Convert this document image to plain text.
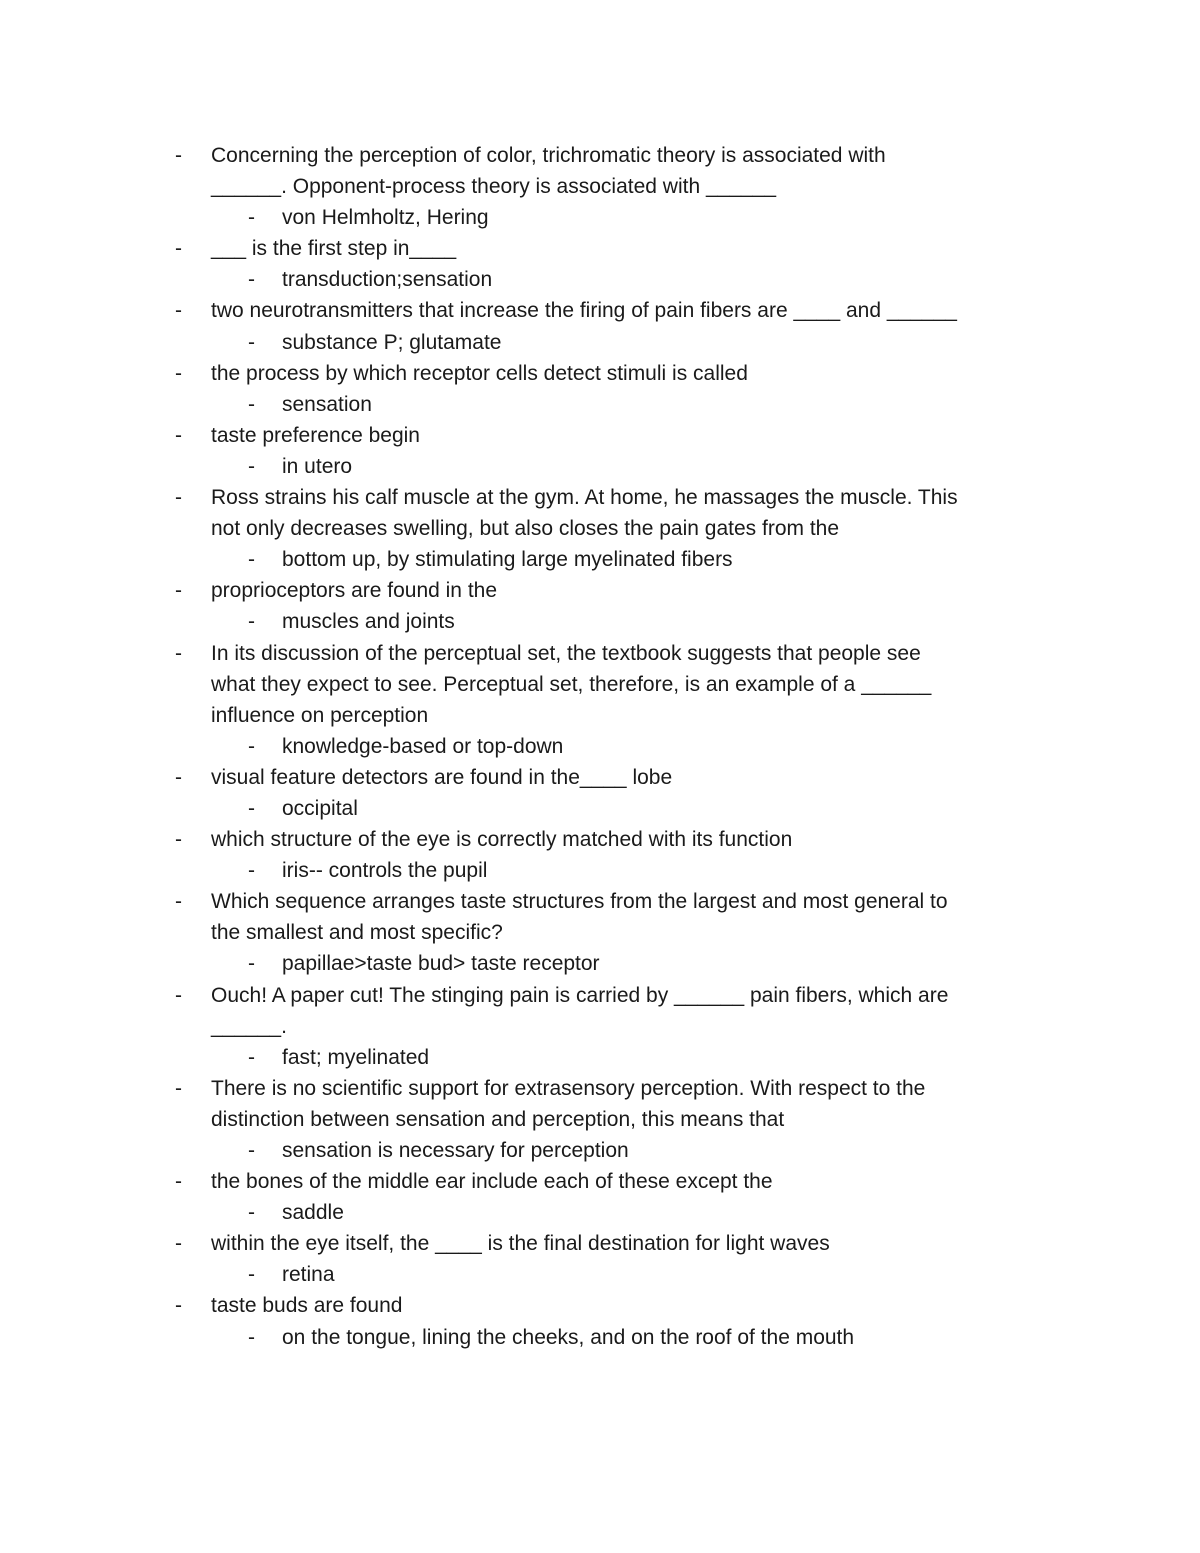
- Concerning the perception of color, trichromatic theory is associated with
______. Opponent-process theory is associated with ______
- von Helmholtz, Hering
- ___ is the first step in____
- transduction;sensation
- two neurotransmitters that increase the firing of pain fibers are ____ and ______
- substance P; glutamate
- the process by which receptor cells detect stimuli is called
- sensation
- taste preference begin
- in utero
- Ross strains his calf muscle at the gym. At home, he massages the muscle. This
not only decreases swelling, but also closes the pain gates from the
- bottom up, by stimulating large myelinated fibers
- proprioceptors are found in the
- muscles and joints
- In its discussion of the perceptual set, the textbook suggests that people see
what they expect to see. Perceptual set, therefore, is an example of a ______
influence on perception
- knowledge-based or top-down
- visual feature detectors are found in the____ lobe
- occipital
- which structure of the eye is correctly matched with its function
- iris-- controls the pupil
- Which sequence arranges taste structures from the largest and most general to
the smallest and most specific?
- papillae>taste bud> taste receptor
- Ouch! A paper cut! The stinging pain is carried by ______ pain fibers, which are
______.
- fast; myelinated
- There is no scientific support for extrasensory perception. With respect to the
distinction between sensation and perception, this means that
- sensation is necessary for perception
- the bones of the middle ear include each of these except the
- saddle
- within the eye itself, the ____ is the final destination for light waves
- retina
- taste buds are found
- on the tongue, lining the cheeks, and on the roof of the mouth
